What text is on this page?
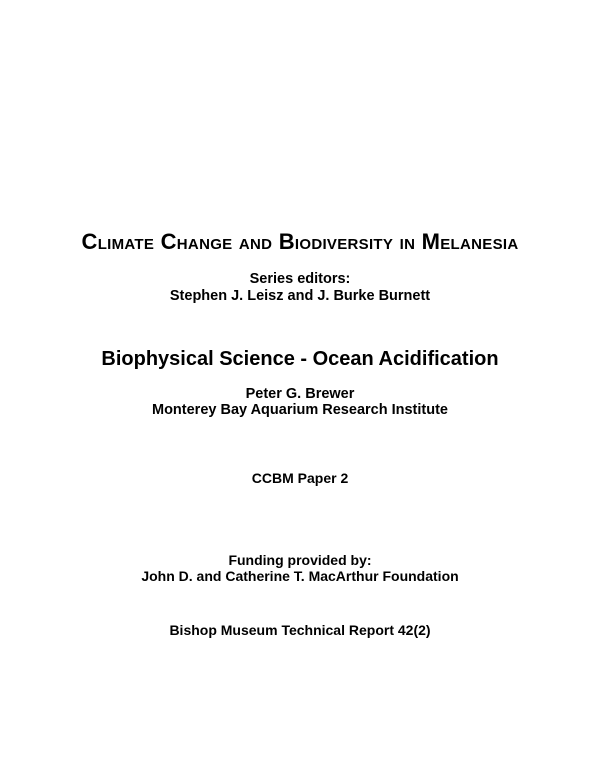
Climate Change and Biodiversity in Melanesia
Series editors:
Stephen J. Leisz and J. Burke Burnett
Biophysical Science - Ocean Acidification
Peter G. Brewer
Monterey Bay Aquarium Research Institute
CCBM Paper 2
Funding provided by:
John D. and Catherine T. MacArthur Foundation
Bishop Museum Technical Report 42(2)
